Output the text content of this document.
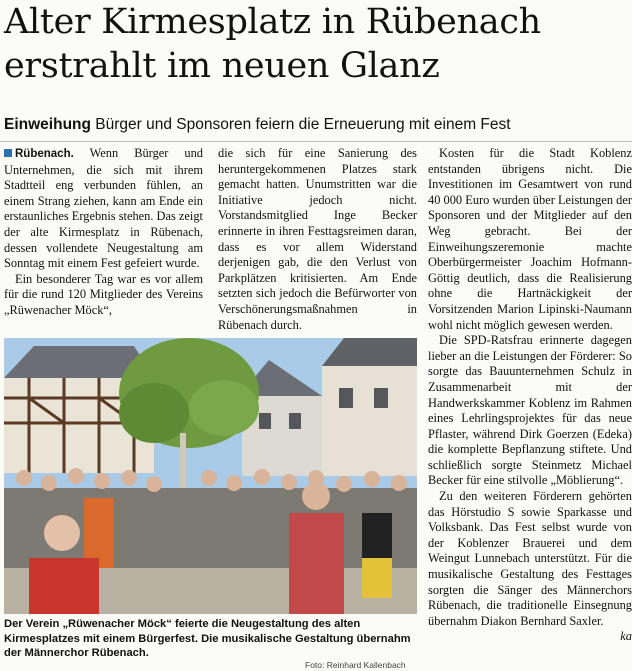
Alter Kirmesplatz in Rübenach
erstrahlt im neuen Glanz
Einweihung Bürger und Sponsoren feiern die Erneuerung mit einem Fest

Rübenach. Wenn Bürger und Unternehmen, die sich mit ihrem Stadtteil eng verbunden fühlen, an einem Strang ziehen, kann am Ende ein erstaunliches Ergebnis stehen. Das zeigt der alte Kirmesplatz in Rübenach, dessen vollendete Neugestaltung am Sonntag mit einem Fest gefeiert wurde.

Ein besonderer Tag war es vor allem für die rund 120 Mitglieder des Vereins „Rüwenacher Möck“,

die sich für eine Sanierung des heruntergekommenen Platzes stark gemacht hatten. Unumstritten war die Initiative jedoch nicht. Vorstandsmitglied Inge Becker erinnerte in ihren Festtagsreimen daran, dass es vor allem Widerstand derjenigen gab, die den Verlust von Parkplätzen kritisierten. Am Ende setzten sich jedoch die Befürworter von Verschönerungsmaßnahmen in Rübenach durch.

Kosten für die Stadt Koblenz entstanden übrigens nicht. Die Investitionen im Gesamtwert von rund 40 000 Euro wurden über Leistungen der Sponsoren und der Mitglieder auf den Weg gebracht. Bei der Einweihungszeremonie machte Oberbürgermeister Joachim Hofmann-Göttig deutlich, dass die Realisierung ohne die Hartnäckigkeit der Vorsitzenden Marion Lipinski-Naumann wohl nicht möglich gewesen werden.

Die SPD-Ratsfrau erinnerte dagegen lieber an die Leistungen der Förderer: So sorgte das Bauunternehmen Schulz in Zusammenarbeit mit der Handwerkskammer Koblenz im Rahmen eines Lehrlingsprojektes für das neue Pflaster, während Dirk Goerzen (Edeka) die komplette Bepflanzung stiftete. Und schließlich sorgte Steinmetz Michael Becker für eine stilvolle „Möblierung“.

Zu den weiteren Förderern gehörten das Hörstudio S sowie Sparkasse und Volksbank. Das Fest selbst wurde von der Koblenzer Brauerei und dem Weingut Lunnebach unterstützt. Für die musikalische Gestaltung des Festtages sorgten die Sänger des Männerchors Rübenach, die traditionelle Einsegnung übernahm Diakon Bernhard Saxler.

ka

Der Verein „Rüwenacher Möck“ feierte die Neugestaltung des alten Kirmesplatzes mit einem Bürgerfest. Die musikalische Gestaltung übernahm der Männerchor Rübenach.
Foto: Reinhard Kallenbach
